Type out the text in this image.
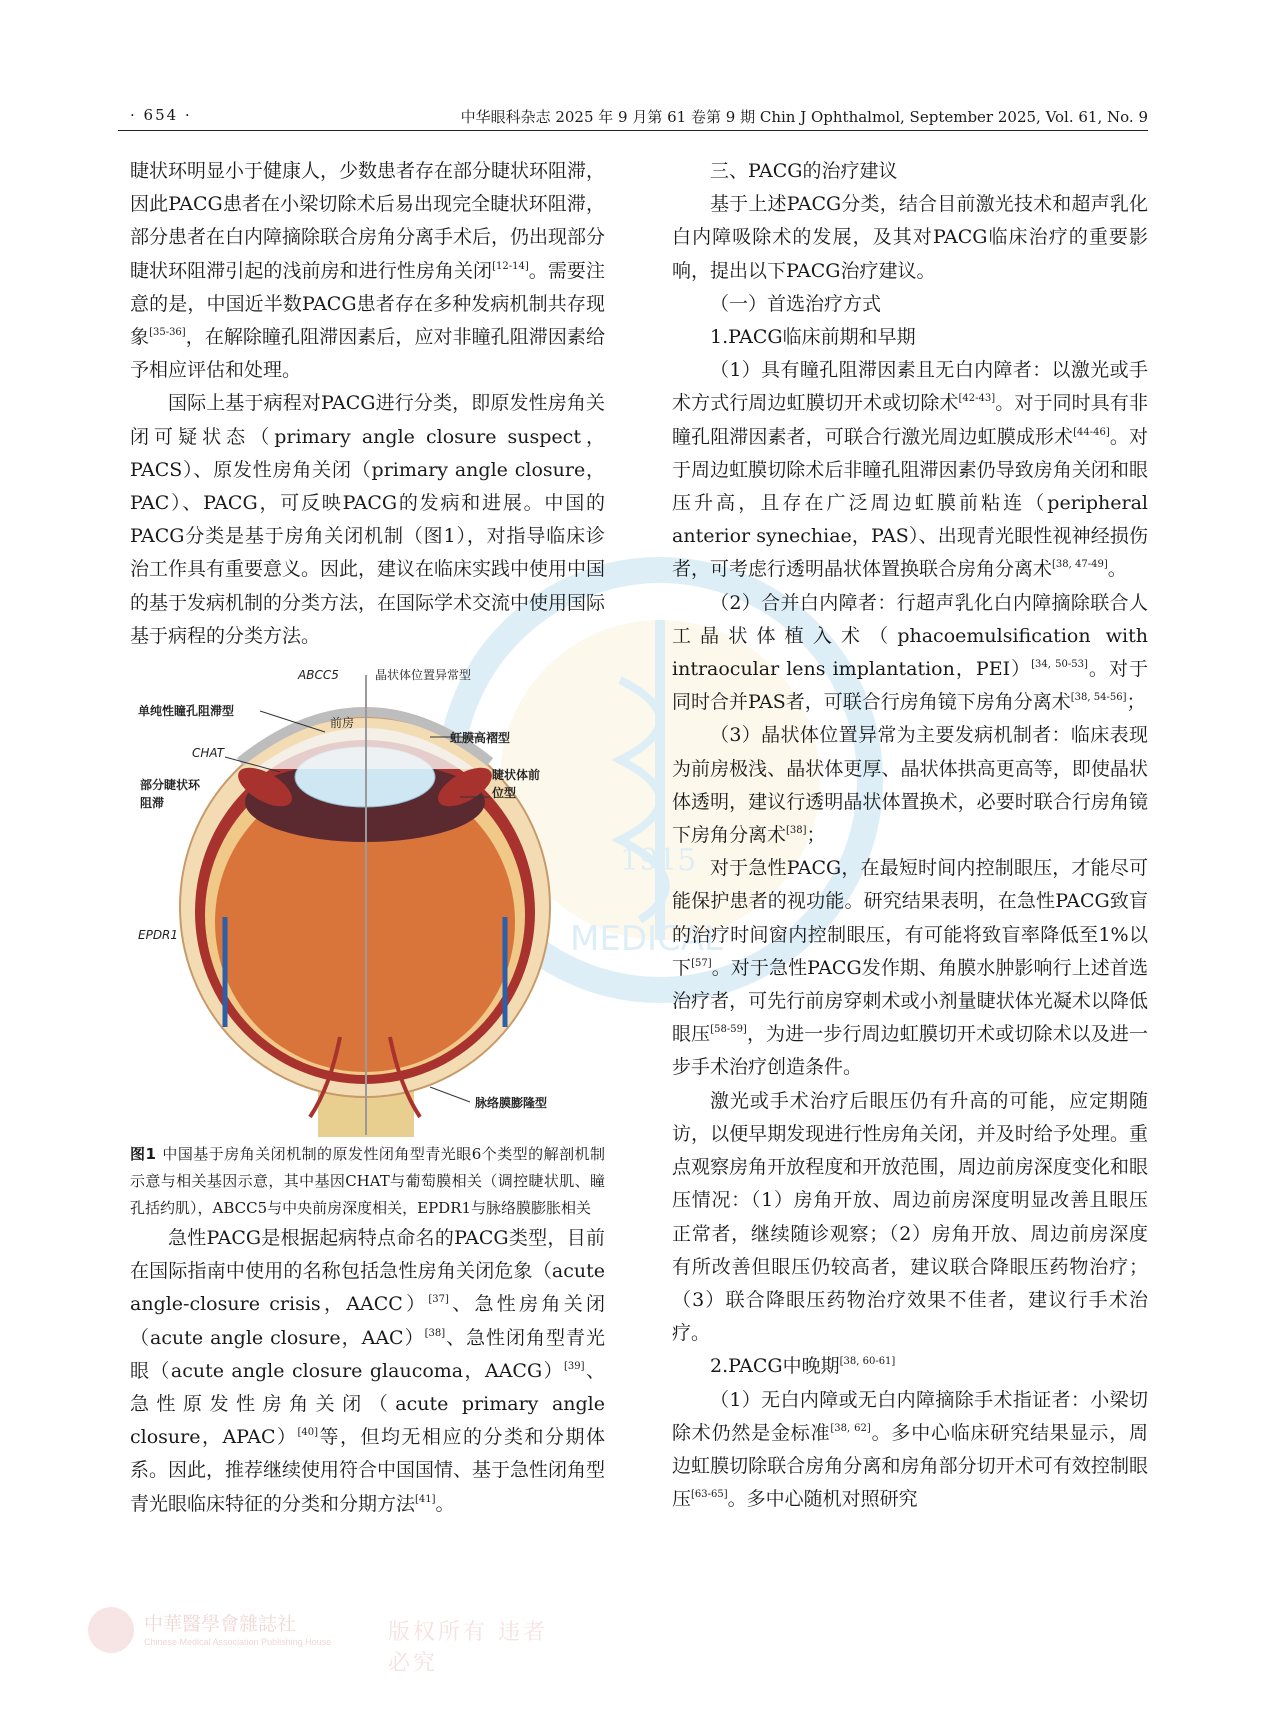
· 654 ·	中华眼科杂志 2025 年 9 月第 61 卷第 9 期 Chin J Ophthalmol, September 2025, Vol. 61, No. 9
1915
MEDICAL

睫状环明显小于健康人，少数患者存在部分睫状环阻滞，因此PACG患者在小梁切除术后易出现完全睫状环阻滞，部分患者在白内障摘除联合房角分离手术后，仍出现部分睫状环阻滞引起的浅前房和进行性房角关闭[12-14]。需要注意的是，中国近半数PACG患者存在多种发病机制共存现象[35-36]，在解除瞳孔阻滞因素后，应对非瞳孔阻滞因素给予相应评估和处理。

国际上基于病程对PACG进行分类，即原发性房角关闭可疑状态（primary angle closure suspect，PACS）、原发性房角关闭（primary angle closure，PAC）、PACG，可反映PACG的发病和进展。中国的PACG分类是基于房角关闭机制（图1），对指导临床诊治工作具有重要意义。因此，建议在临床实践中使用中国的基于发病机制的分类方法，在国际学术交流中使用国际基于病程的分类方法。

ABCC5	晶状体位置异常型
单纯性瞳孔阻滞型
前房
虹膜高褶型
CHAT
部分睫状环
阻滞
睫状体前
位型
EPDR1
脉络膜膨隆型

图1 中国基于房角关闭机制的原发性闭角型青光眼6个类型的解剖机制示意与相关基因示意，其中基因CHAT与葡萄膜相关（调控睫状肌、瞳孔括约肌），ABCC5与中央前房深度相关，EPDR1与脉络膜膨胀相关

急性PACG是根据起病特点命名的PACG类型，目前在国际指南中使用的名称包括急性房角关闭危象（acute angle-closure crisis，AACC）[37]、急性房角关闭（acute angle closure，AAC）[38]、急性闭角型青光眼（acute angle closure glaucoma，AACG）[39]、急性原发性房角关闭（acute primary angle closure，APAC）[40]等，但均无相应的分类和分期体系。因此，推荐继续使用符合中国国情、基于急性闭角型青光眼临床特征的分类和分期方法[41]。

三、PACG的治疗建议

基于上述PACG分类，结合目前激光技术和超声乳化白内障吸除术的发展，及其对PACG临床治疗的重要影响，提出以下PACG治疗建议。

（一）首选治疗方式

1.PACG临床前期和早期

（1）具有瞳孔阻滞因素且无白内障者：以激光或手术方式行周边虹膜切开术或切除术[42-43]。对于同时具有非瞳孔阻滞因素者，可联合行激光周边虹膜成形术[44-46]。对于周边虹膜切除术后非瞳孔阻滞因素仍导致房角关闭和眼压升高，且存在广泛周边虹膜前粘连（peripheral anterior synechiae，PAS）、出现青光眼性视神经损伤者，可考虑行透明晶状体置换联合房角分离术[38, 47-49]。

（2）合并白内障者：行超声乳化白内障摘除联合人工晶状体植入术（phacoemulsification with intraocular lens implantation，PEI）[34, 50-53]。对于同时合并PAS者，可联合行房角镜下房角分离术[38, 54-56]；

（3）晶状体位置异常为主要发病机制者：临床表现为前房极浅、晶状体更厚、晶状体拱高更高等，即使晶状体透明，建议行透明晶状体置换术，必要时联合行房角镜下房角分离术[38]；

对于急性PACG，在最短时间内控制眼压，才能尽可能保护患者的视功能。研究结果表明，在急性PACG致盲的治疗时间窗内控制眼压，有可能将致盲率降低至1%以下[57]。对于急性PACG发作期、角膜水肿影响行上述首选治疗者，可先行前房穿刺术或小剂量睫状体光凝术以降低眼压[58-59]，为进一步行周边虹膜切开术或切除术以及进一步手术治疗创造条件。

激光或手术治疗后眼压仍有升高的可能，应定期随访，以便早期发现进行性房角关闭，并及时给予处理。重点观察房角开放程度和开放范围，周边前房深度变化和眼压情况：（1）房角开放、周边前房深度明显改善且眼压正常者，继续随诊观察；（2）房角开放、周边前房深度有所改善但眼压仍较高者，建议联合降眼压药物治疗；（3）联合降眼压药物治疗效果不佳者，建议行手术治疗。

2.PACG中晚期[38, 60-61]

（1）无白内障或无白内障摘除手术指证者：小梁切除术仍然是金标准[38, 62]。多中心临床研究结果显示，周边虹膜切除联合房角分离和房角部分切开术可有效控制眼压[63-65]。多中心随机对照研究

中華醫學會雜誌社
Chinese Medical Association Publishing House	版权所有 违者必究
